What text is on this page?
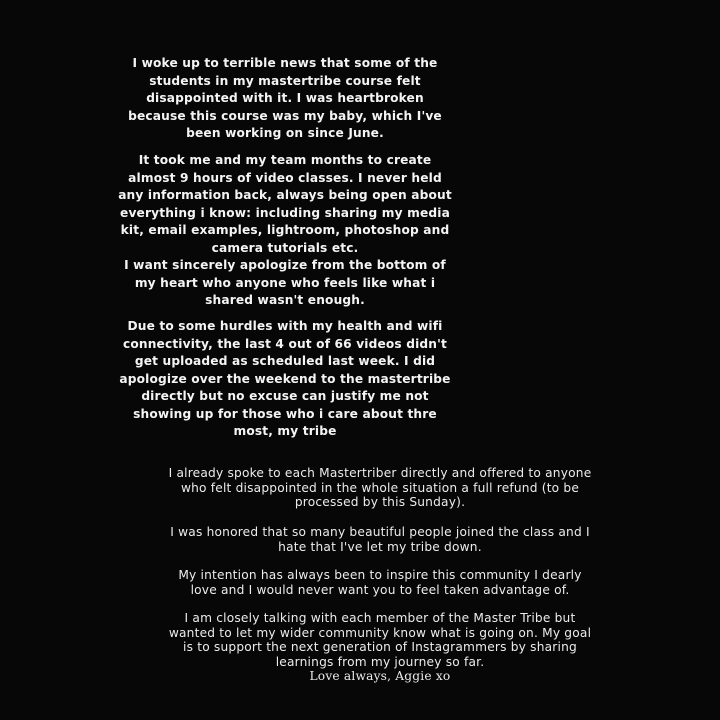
I woke up to terrible news that some of the
students in my mastertribe course felt
disappointed with it. I was heartbroken
because this course was my baby, which I've
been working on since June.

It took me and my team months to create
almost 9 hours of video classes. I never held
any information back, always being open about
everything i know: including sharing my media
kit, email examples, lightroom, photoshop and
camera tutorials etc.
I want sincerely apologize from the bottom of
my heart who anyone who feels like what i
shared wasn't enough.

Due to some hurdles with my health and wifi
connectivity, the last 4 out of 66 videos didn't
get uploaded as scheduled last week. I did
apologize over the weekend to the mastertribe
directly but no excuse can justify me not
showing up for those who i care about thre
most, my tribe

I already spoke to each Mastertriber directly and offered to anyone
who felt disappointed in the whole situation a full refund (to be
processed by this Sunday).

I was honored that so many beautiful people joined the class and I
hate that I've let my tribe down.

My intention has always been to inspire this community I dearly
love and I would never want you to feel taken advantage of.

I am closely talking with each member of the Master Tribe but
wanted to let my wider community know what is going on. My goal
is to support the next generation of Instagrammers by sharing
learnings from my journey so far.
Love always, Aggie xo
